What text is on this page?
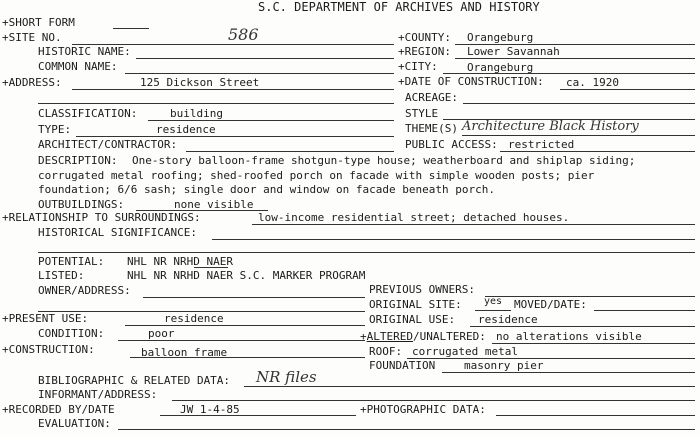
S.C. DEPARTMENT OF ARCHIVES AND HISTORY
+SHORT FORM
+SITE NO.	586	+COUNTY: Orangeburg
HISTORIC NAME:	+REGION: Lower Savannah
COMMON NAME:	+CITY:	Orangeburg
+ADDRESS:	125 Dickson Street	+DATE OF CONSTRUCTION: ca. 1920
ACREAGE:
CLASSIFICATION:	building	STYLE
TYPE:	residence	THEME(S) Architecture Black History
ARCHITECT/CONTRACTOR:	PUBLIC ACCESS: restricted
DESCRIPTION: One-story balloon-frame shotgun-type house; weatherboard and shiplap siding;
corrugated metal roofing; shed-roofed porch on facade with simple wooden posts; pier
foundation; 6/6 sash; single door and window on facade beneath porch.
OUTBUILDINGS:	none visible
+RELATIONSHIP TO SURROUNDINGS:	low-income residential street; detached houses.
HISTORICAL SIGNIFICANCE:
POTENTIAL: NHL NR NRHD NAER
LISTED:	NHL NR NRHD NAER S.C. MARKER PROGRAM
OWNER/ADDRESS:	PREVIOUS OWNERS:
ORIGINAL SITE: yes MOVED/DATE:
+PRESENT USE:	residence	ORIGINAL USE: residence
CONDITION:	poor	+ALTERED/UNALTERED: no alterations visible
+CONSTRUCTION:	balloon frame	ROOF: corrugated metal
FOUNDATION	masonry pier
BIBLIOGRAPHIC & RELATED DATA: NR files
INFORMANT/ADDRESS:
+RECORDED BY/DATE	JW 1-4-85	+PHOTOGRAPHIC DATA:
EVALUATION:
